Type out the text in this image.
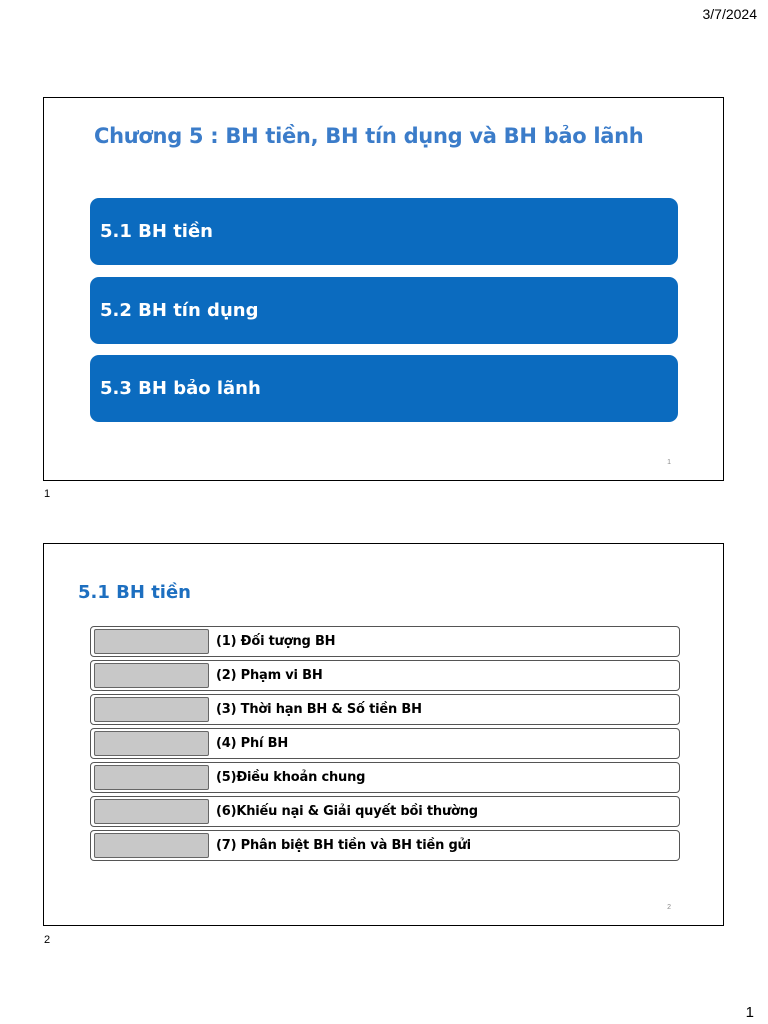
3/7/2024
Chương 5 : BH tiền, BH tín dụng và BH bảo lãnh
5.1 BH tiền
5.2 BH tín dụng
5.3 BH bảo lãnh
1
1
5.1 BH tiền
(1) Đối tượng BH
(2) Phạm vi BH
(3) Thời hạn BH & Số tiền BH
(4) Phí BH
(5)Điều khoản chung
(6)Khiếu nại & Giải quyết bồi thường
(7) Phân biệt BH tiền và BH tiền gửi
2
2
1
